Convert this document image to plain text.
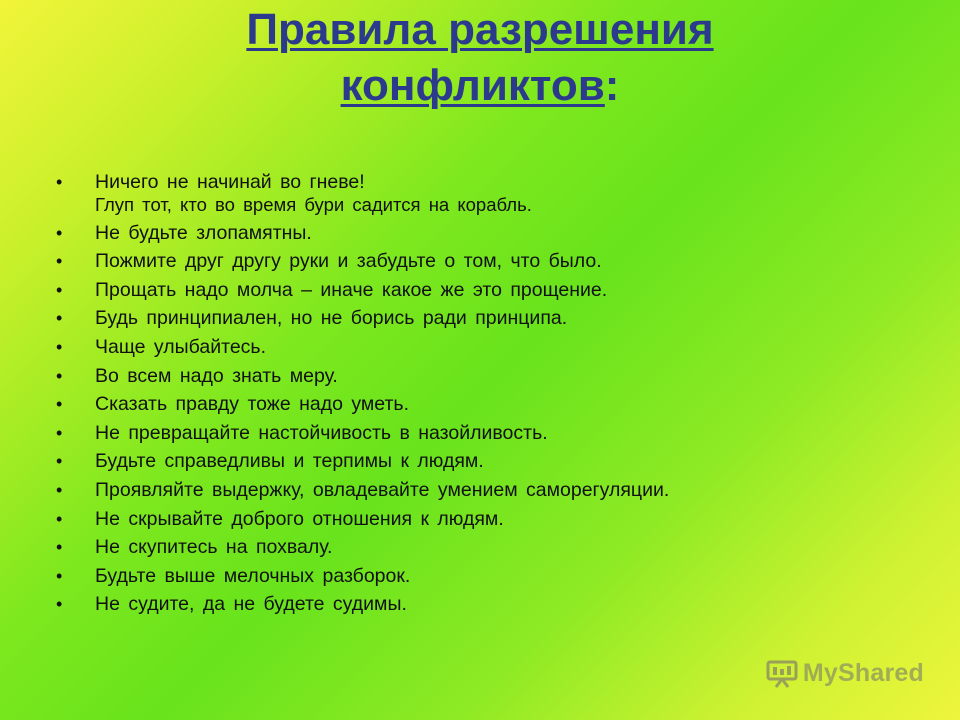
Правила разрешения
конфликтов:
•	Ничего не начинай во гневе!
Глуп тот, кто во время бури садится на корабль.
•	Не будьте злопамятны.
•	Пожмите друг другу руки и забудьте о том, что было.
•	Прощать надо молча – иначе какое же это прощение.
•	Будь принципиален, но не борись ради принципа.
•	Чаще улыбайтесь.
•	Во всем надо знать меру.
•	Сказать правду тоже надо уметь.
•	Не превращайте настойчивость в назойливость.
•	Будьте справедливы и терпимы к людям.
•	Проявляйте выдержку, овладевайте умением саморегуляции.
•	Не скрывайте доброго отношения к людям.
•	Не скупитесь на похвалу.
•	Будьте выше мелочных разборок.
•	Не судите, да не будете судимы.
MyShared
